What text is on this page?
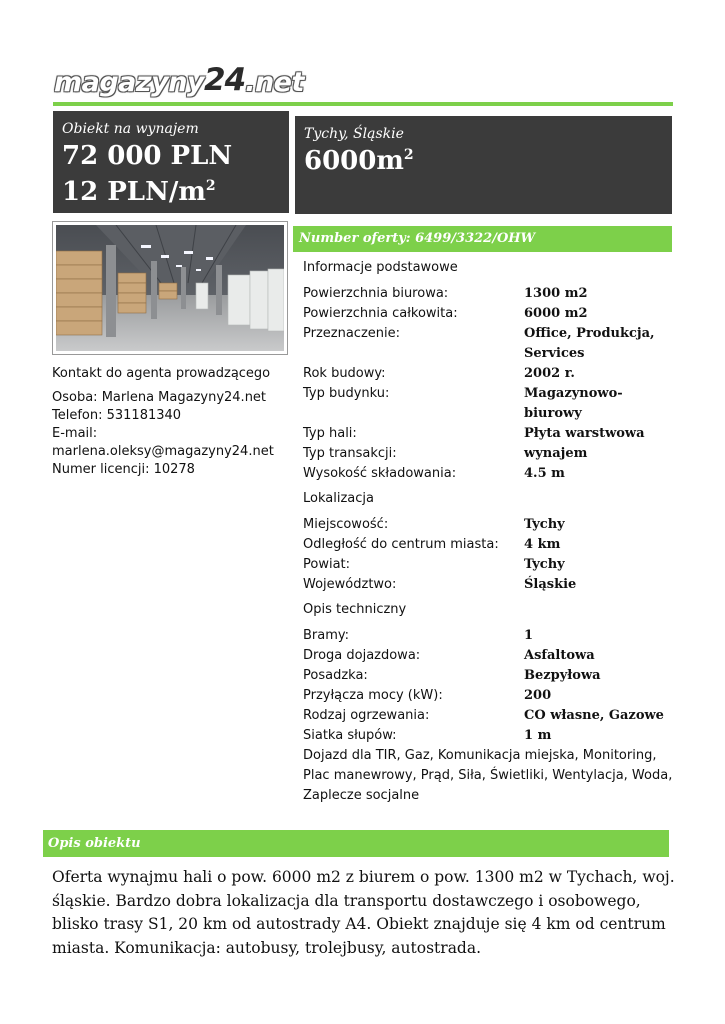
magazyny 24 .net
Obiekt na wynajem
72 000 PLN
12 PLN/$m^2$
Tychy, Śląskie
$6000m^2$
Kontakt do agenta prowadzącego
Osoba: Marlena Magazyny24.net
Telefon: 531181340
E-mail:
marlena.oleksy@magazyny24.net
Numer licencji: 10278
Number oferty: 6499/3322/OHW
Informacje podstawowe
Powierzchnia biurowa:	1300 m2
Powierzchnia całkowita:	6000 m2
Przeznaczenie:	Office, Produkcja, Services
Rok budowy:	2002 r.
Typ budynku:	Magazynowo-biurowy
Typ hali:	Płyta warstwowa
Typ transakcji:	wynajem
Wysokość składowania:	4.5 m
Lokalizacja
Miejscowość:	Tychy
Odległość do centrum miasta:	4 km
Powiat:	Tychy
Województwo:	Śląskie
Opis techniczny
Bramy:	1
Droga dojazdowa:	Asfaltowa
Posadzka:	Bezpyłowa
Przyłącza mocy (kW):	200
Rodzaj ogrzewania:	CO własne, Gazowe
Siatka słupów:	1 m
Dojazd dla TIR, Gaz, Komunikacja miejska, Monitoring, Plac manewrowy, Prąd, Siła, Świetliki, Wentylacja, Woda, Zaplecze socjalne
Opis obiektu
Oferta wynajmu hali o pow. 6000 m2 z biurem o pow. 1300 m2 w Tychach, woj. śląskie. Bardzo dobra lokalizacja dla transportu dostawczego i osobowego, blisko trasy S1, 20 km od autostrady A4. Obiekt znajduje się 4 km od centrum miasta. Komunikacja: autobusy, trolejbusy, autostrada.
